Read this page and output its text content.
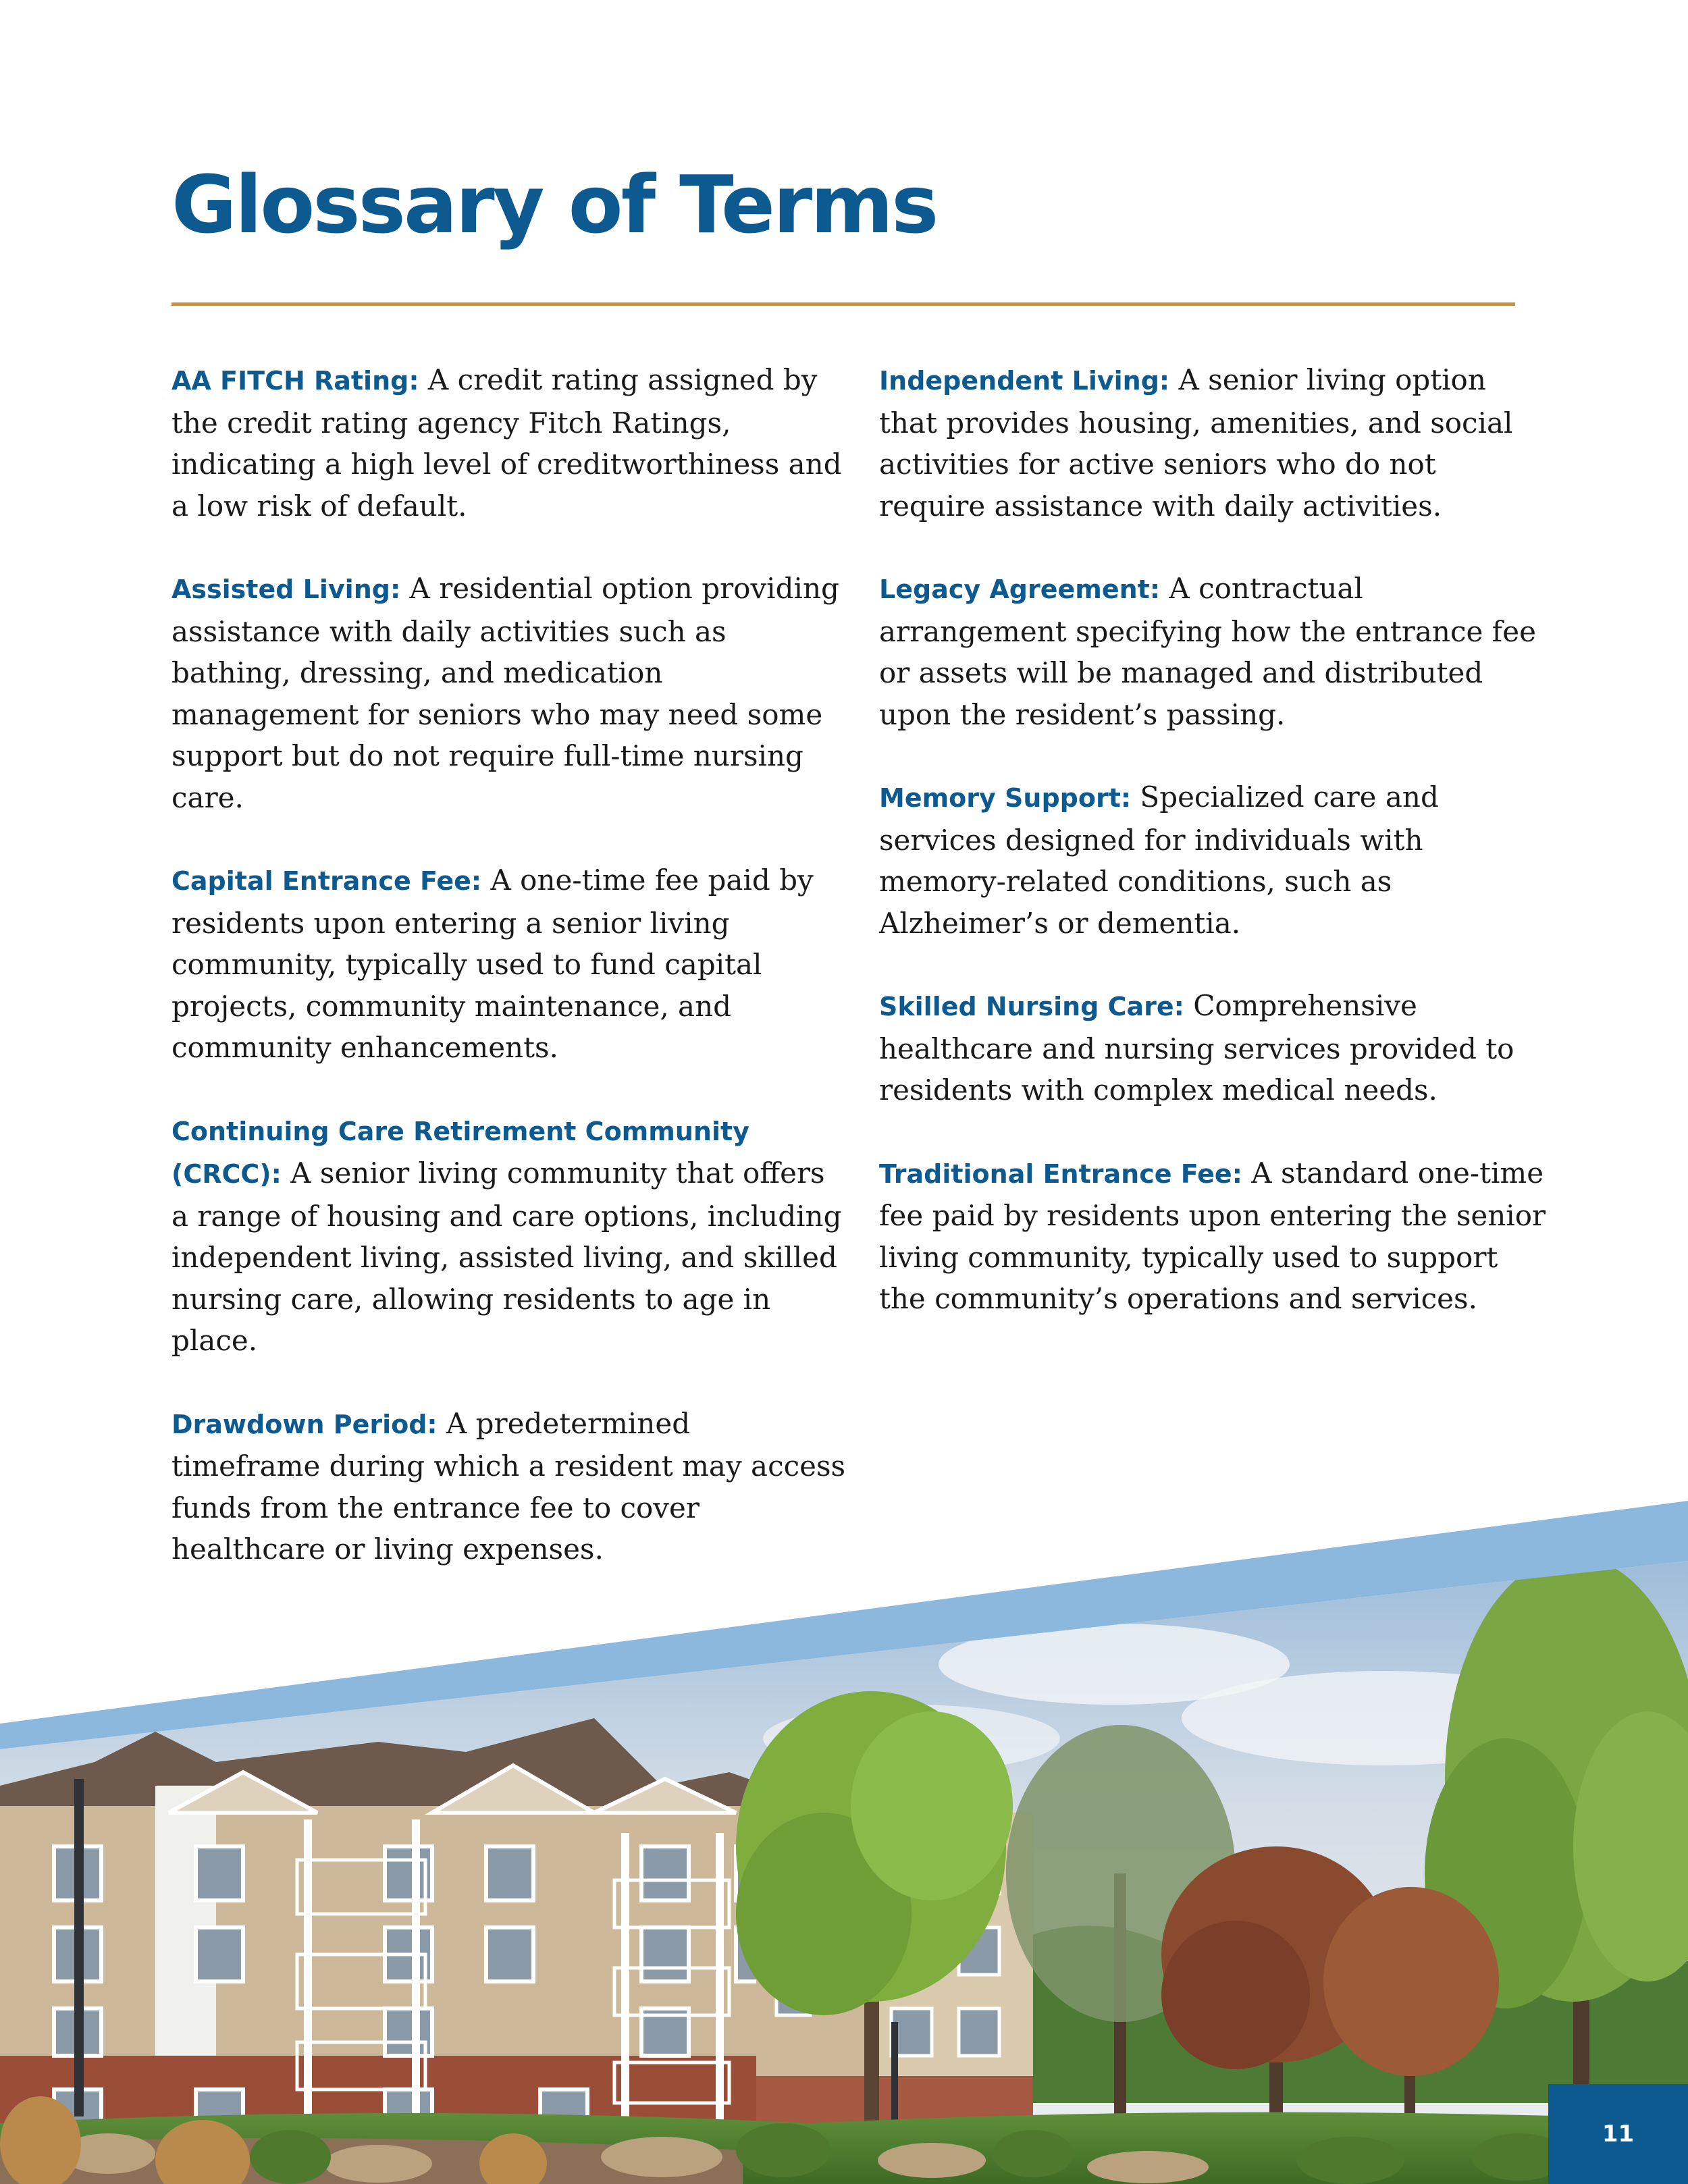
Glossary of Terms

AA FITCH Rating: A credit rating assigned by the credit rating agency Fitch Ratings, indicating a high level of creditworthiness and a low risk of default.

Assisted Living: A residential option providing assistance with daily activities such as bathing, dressing, and medication management for seniors who may need some support but do not require full-time nursing care.

Capital Entrance Fee: A one-time fee paid by residents upon entering a senior living community, typically used to fund capital projects, community maintenance, and community enhancements.

Continuing Care Retirement Community (CRCC): A senior living community that offers a range of housing and care options, including independent living, assisted living, and skilled nursing care, allowing residents to age in place.

Drawdown Period: A predetermined timeframe during which a resident may access funds from the entrance fee to cover healthcare or living expenses.

Independent Living: A senior living option that provides housing, amenities, and social activities for active seniors who do not require assistance with daily activities.

Legacy Agreement: A contractual arrangement specifying how the entrance fee or assets will be managed and distributed upon the resident’s passing.

Memory Support: Specialized care and services designed for individuals with memory-related conditions, such as Alzheimer’s or dementia.

Skilled Nursing Care: Comprehensive healthcare and nursing services provided to residents with complex medical needs.

Traditional Entrance Fee: A standard one-time fee paid by residents upon entering the senior living community, typically used to support the community’s operations and services.

11
